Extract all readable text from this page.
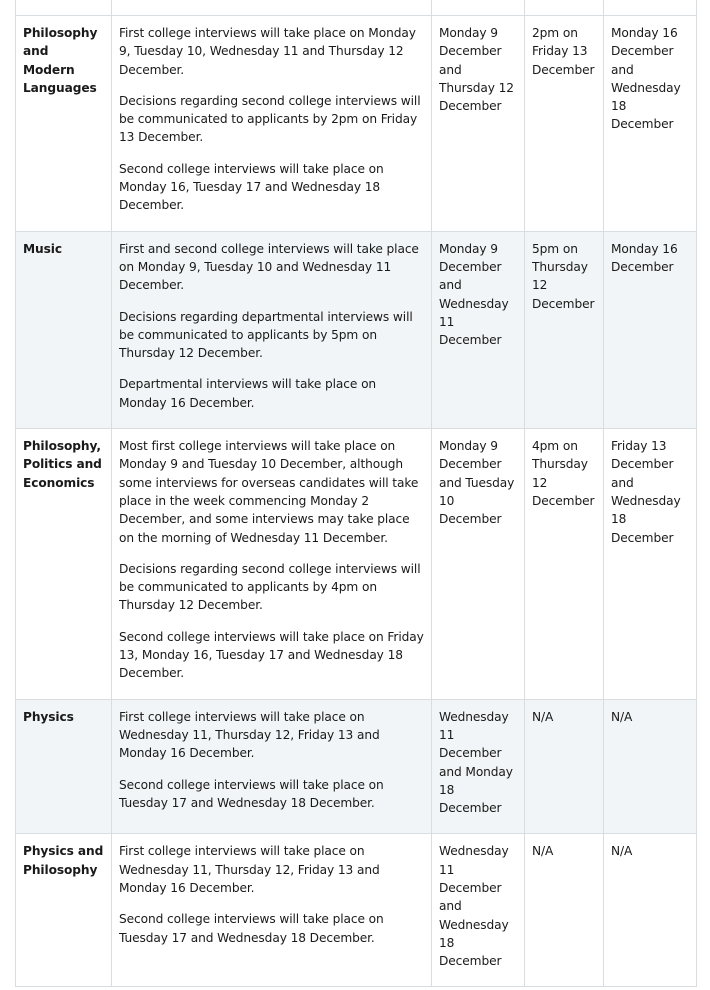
Philosophy and Modern Languages	First college interviews will take place on Monday 9, Tuesday 10, Wednesday 11 and Thursday 12 December.

Decisions regarding second college interviews will be communicated to applicants by 2pm on Friday 13 December.

Second college interviews will take place on Monday 16, Tuesday 17 and Wednesday 18 December.	Monday 9 December and Thursday 12 December	2pm on Friday 13 December	Monday 16 December and Wednesday 18 December
Music	First and second college interviews will take place on Monday 9, Tuesday 10 and Wednesday 11 December.

Decisions regarding departmental interviews will be communicated to applicants by 5pm on Thursday 12 December.

Departmental interviews will take place on Monday 16 December.	Monday 9 December and Wednesday 11 December	5pm on Thursday 12 December	Monday 16 December
Philosophy, Politics and Economics	Most first college interviews will take place on Monday 9 and Tuesday 10 December, although some interviews for overseas candidates will take place in the week commencing Monday 2 December, and some interviews may take place on the morning of Wednesday 11 December.

Decisions regarding second college interviews will be communicated to applicants by 4pm on Thursday 12 December.

Second college interviews will take place on Friday 13, Monday 16, Tuesday 17 and Wednesday 18 December.	Monday 9 December and Tuesday 10 December	4pm on Thursday 12 December	Friday 13 December and Wednesday 18 December
Physics	First college interviews will take place on Wednesday 11, Thursday 12, Friday 13 and Monday 16 December.

Second college interviews will take place on Tuesday 17 and Wednesday 18 December.	Wednesday 11 December and Monday 18 December	N/A	N/A
Physics and Philosophy	First college interviews will take place on Wednesday 11, Thursday 12, Friday 13 and Monday 16 December.

Second college interviews will take place on Tuesday 17 and Wednesday 18 December.	Wednesday 11 December and Wednesday 18 December	N/A	N/A
